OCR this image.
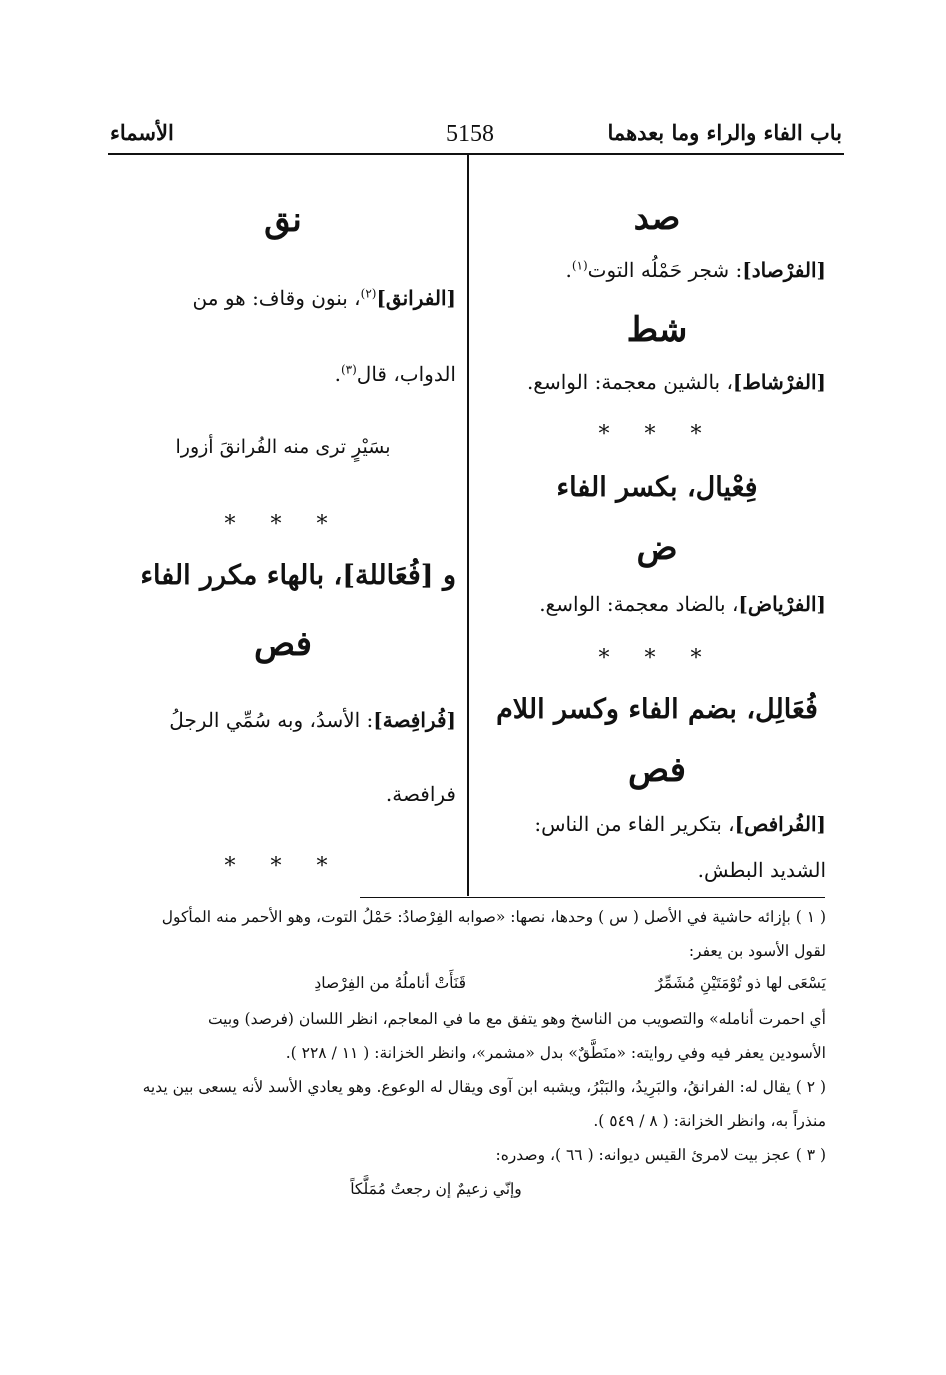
باب الفاء والراء وما بعدهما
5158
الأسماء
صد
[الفرْصاد]: شجر حَمْلُه التوت$^{(١)}$.
شط
[الفرْشاط]، بالشين معجمة: الواسع.
* * *
فِعْيال، بكسر الفاء
ض
[الفرْياض]، بالضاد معجمة: الواسع.
* * *
فُعَالِل، بضم الفاء وكسر اللام
فص
[الفُرافص]، بتكرير الفاء من الناس:
الشديد البطش.
نق
[الفرانق]$^{(٢)}$، بنون وقاف: هو من
الدواب، قال$^{(٣)}$.
بسَيْرٍ ترى منه الفُرانقَ أزورا
* * *
و [فُعَاللة]، بالهاء مكرر الفاء
فص
[فُرافِصة]: الأسدُ، وبه سُمِّي الرجلُ
فرافصة.
* * *
( ١ ) بإزائه حاشية في الأصل ( س ) وحدها، نصها: «صوابه الفِرْصادُ: حَمْلُ التوت، وهو الأحمر منه المأكول
لقول الأسود بن يعفر:
يَسْعَى لها ذو تُوْمَتَيْنِ مُشَمِّرٌ
قَنَأَتْ أناملُهُ من الفِرْصادِ
أي احمرت أنامله» والتصويب من الناسخ وهو يتفق مع ما في المعاجم، انظر اللسان (فرصد) وبيت
الأسودين يعفر فيه وفي روايته: «منَطَّقٌ» بدل «مشمر»، وانظر الخزانة: ( ١١ / ٢٢٨ ).
( ٢ ) يقال له: الفرانقُ، والبَرِيدُ، والبَبْرُ، ويشبه ابن آوى ويقال له الوعوع. وهو يعادي الأسد لأنه يسعى بين يديه
منذراً به، وانظر الخزانة: ( ٨ / ٥٤٩ ).
( ٣ ) عجز بيت لامرئ القيس ديوانه: ( ٦٦ )، وصدره:
وإنّي زعيمٌ إن رجعتُ مُمَلَّكاً
